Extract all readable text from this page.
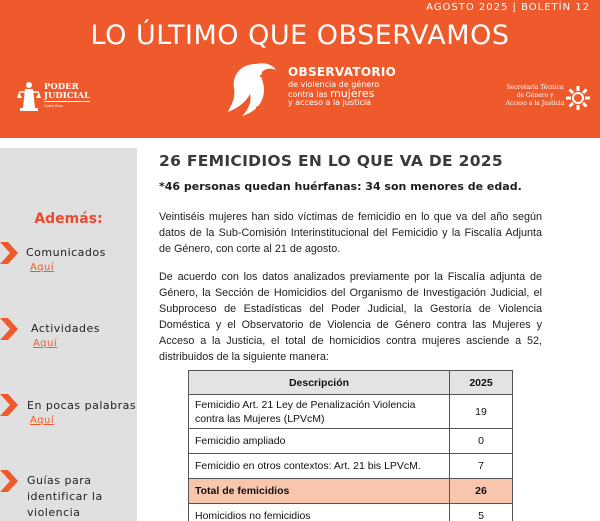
AGOSTO 2025 | BOLETÍN 12
LO ÚLTIMO QUE OBSERVAMOS
PODER
JUDICIAL
Costa Rica
OBSERVATORIO
de violencia de género
contra las mujeres
y acceso a la justicia
Secretaría Técnica
de Género y
Acceso a la Justicia
Además:
Comunicados
Aquí
Actividades
Aquí
En pocas palabras
Aquí
Guías para
identificar la
violencia
26 FEMICIDIOS EN LO QUE VA DE 2025
*46 personas quedan huérfanas: 34 son menores de edad.

Veintiséis mujeres han sido víctimas de femicidio en lo que va del año según datos de la Sub-Comisión Interinstitucional del Femicidio y la Fiscalía Adjunta de Género, con corte al 21 de agosto.

De acuerdo con los datos analizados previamente por la Fiscalía adjunta de Género, la Sección de Homicidios del Organismo de Investigación Judicial, el Subproceso de Estadísticas del Poder Judicial, la Gestoría de Violencia Doméstica y el Observatorio de Violencia de Género contra las Mujeres y Acceso a la Justicia, el total de homicidios contra mujeres asciende a 52, distribuidos de la siguiente manera:

Descripción	2025
Femicidio Art. 21 Ley de Penalización Violencia contra las Mujeres (LPVcM)	19
Femicidio ampliado	0
Femicidio en otros contextos: Art. 21 bis LPVcM.	7
Total de femicidios	26
Homicidios no femicidios	5
